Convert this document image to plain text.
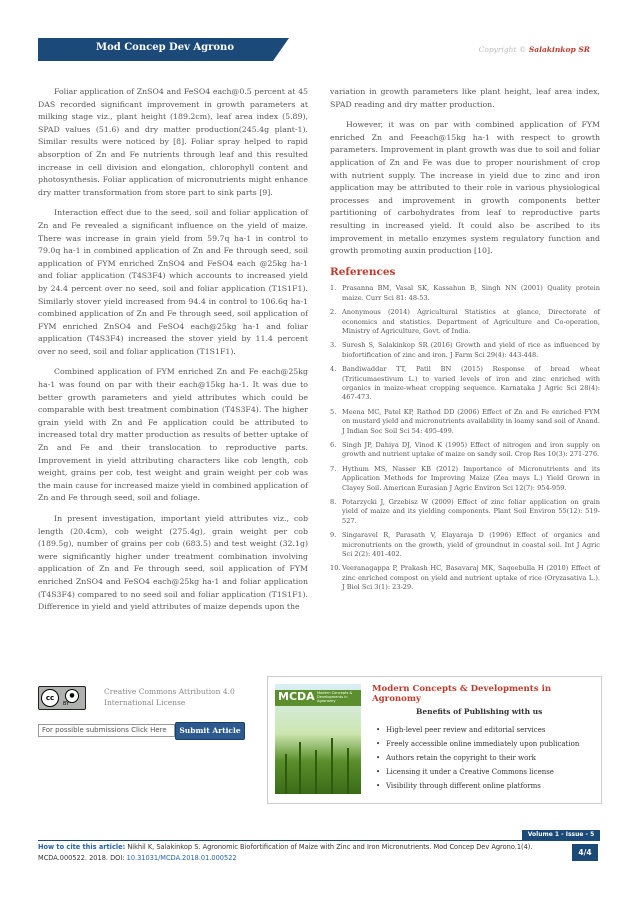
Mod Concep Dev Agrono	Copyright © Salakinkop SR

Foliar application of ZnSO4 and FeSO4 each@0.5 percent at 45 DAS recorded significant improvement in growth parameters at milking stage viz., plant height (189.2cm), leaf area index (5.89), SPAD values (51.6) and dry matter production(245.4g plant-1). Similar results were noticed by [8]. Foliar spray helped to rapid absorption of Zn and Fe nutrients through leaf and this resulted increase in cell division and elongation, chlorophyll content and photosynthesis. Foliar application of micronutrients might enhance dry matter transformation from store part to sink parts [9].

Interaction effect due to the seed, soil and foliar application of Zn and Fe revealed a significant influence on the yield of maize. There was increase in grain yield from 59.7q ha-1 in control to 79.0q ha-1 in combined application of Zn and Fe through seed, soil application of FYM enriched ZnSO4 and FeSO4 each @25kg ha-1 and foliar application (T4S3F4) which accounts to increased yield by 24.4 percent over no seed, soil and foliar application (T1S1F1). Similarly stover yield increased from 94.4 in control to 106.6q ha-1 combined application of Zn and Fe through seed, soil application of FYM enriched ZnSO4 and FeSO4 each@25kg ha-1 and foliar application (T4S3F4) increased the stover yield by 11.4 percent over no seed, soil and foliar application (T1S1F1).

Combined application of FYM enriched Zn and Fe each@25kg ha-1 was found on par with their each@15kg ha-1. It was due to better growth parameters and yield attributes which could be comparable with best treatment combination (T4S3F4). The higher grain yield with Zn and Fe application could be attributed to increased total dry matter production as results of better uptake of Zn and Fe and their translocation to reproductive parts. Improvement in yield attributing characters like cob length, cob weight, grains per cob, test weight and grain weight per cob was the main cause for increased maize yield in combined application of Zn and Fe through seed, soil and foliage.

In present investigation, important yield attributes viz., cob length (20.4cm), cob weight (275.4g), grain weight per cob (189.5g), number of grains per cob (683.5) and test weight (32.1g) were significantly higher under treatment combination involving application of Zn and Fe through seed, soil application of FYM enriched ZnSO4 and FeSO4 each@25kg ha-1 and foliar application (T4S3F4) compared to no seed soil and foliar application (T1S1F1). Difference in yield and yield attributes of maize depends upon the

variation in growth parameters like plant height, leaf area index, SPAD reading and dry matter production.

However, it was on par with combined application of FYM enriched Zn and Feeach@15kg ha-1 with respect to growth parameters. Improvement in plant growth was due to soil and foliar application of Zn and Fe was due to proper nourishment of crop with nutrient supply. The increase in yield due to zinc and iron application may be attributed to their role in various physiological processes and improvement in growth components better partitioning of carbohydrates from leaf to reproductive parts resulting in increased yield. It could also be ascribed to its improvement in metallo enzymes system regulatory function and growth promoting auxin production [10].

References
1. Prasanna BM, Vasal SK, Kassahun B, Singh NN (2001) Quality protein maize. Curr Sci 81: 48-53.
2. Anonymous (2014) Agricultural Statistics at glance, Directorate of economics and statistics. Department of Agriculture and Co-operation, Ministry of Agriculture, Govt. of India.
3. Suresh S, Salakinkop SR (2016) Growth and yield of rice as influenced by biofortification of zinc and iron. J Farm Sci 29(4): 443-448.
4. Bandiwaddar TT, Patil BN (2015) Response of bread wheat (Triticumaestivum L.) to varied levels of iron and zinc enriched with organics in maize-wheat cropping sequence. Karnataka J Agric Sci 28(4): 467-473.
5. Meena MC, Patel KP, Rathod DD (2006) Effect of Zn and Fe enriched FYM on mustard yield and micronutrients availability in loamy sand soil of Anand. J Indian Soc Soil Sci 54: 495-499.
6. Singh JP, Dahiya DJ, Vinod K (1995) Effect of nitrogen and iron supply on growth and nutrient uptake of maize on sandy soil. Crop Res 10(3): 271-276.
7. Hythum MS, Nasser KB (2012) Importance of Micronutrients and its Application Methods for Improving Maize (Zea mays L.) Yield Grown in Clayey Soil. American Eurasian J Agric Environ Sci 12(7): 954-959.
8. Potarzycki J, Grzebisz W (2009) Effect of zinc foliar application on grain yield of maize and its yielding components. Plant Soil Environ 55(12): 519-527.
9. Singaravel R, Parasath V, Elayaraja D (1996) Effect of organics and micronutrients on the growth, yield of groundnut in coastal soil. Int J Agric Sci 2(2): 401-402.
10. Veeranagappa P, Prakash HC, Basavaraj MK, Saqeebulla H (2010) Effect of zinc enriched compost on yield and nutrient uptake of rice (Oryzasativa L.). J Biol Sci 3(1): 23-29.
cc	●
BY
Creative Commons Attribution 4.0
International License
For possible submissions Click Here	Submit Article
MCDA Modern Concepts & Developments in Agronomy
Modern Concepts & Developments in Agronomy
Benefits of Publishing with us
• High-level peer review and editorial services
• Freely accessible online immediately upon publication
• Authors retain the copyright to their work
• Licensing it under a Creative Commons license
• Visibility through different online platforms
Volume 1 - Issue - 5
How to cite this article: Nikhil K, Salakinkop S. Agronomic Biofortification of Maize with Zinc and Iron Micronutrients. Mod Concep Dev Agrono.1(4). MCDA.000522. 2018. DOI: 10.31031/MCDA.2018.01.000522
4/4
